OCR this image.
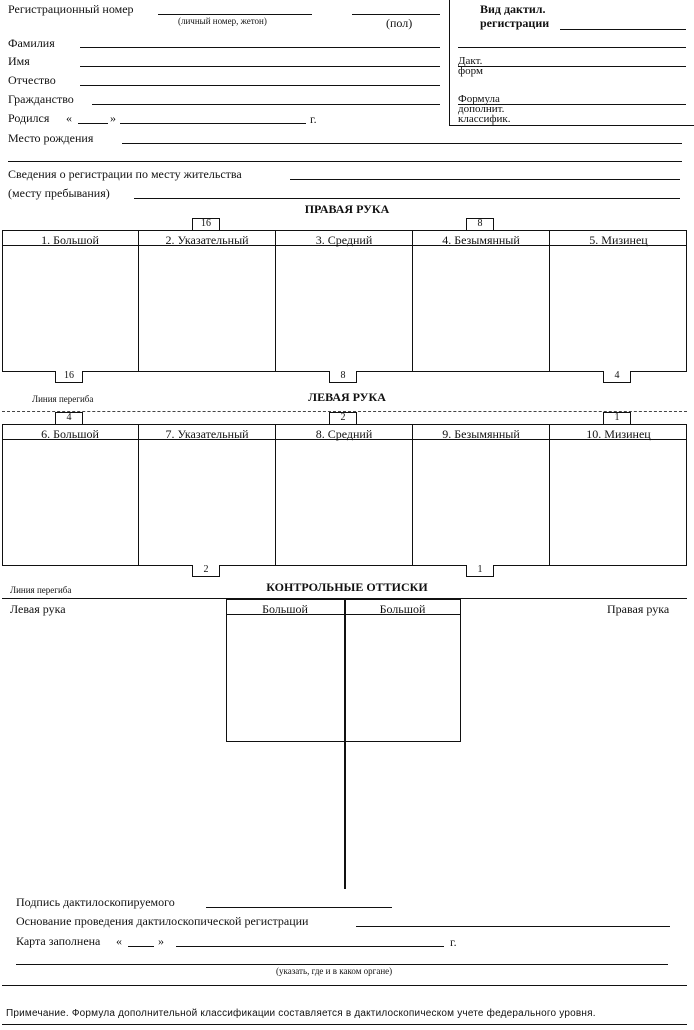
Регистрационный номер
(личный номер, жетон)	(пол)
Вид дактил.
регистрации
Дакт.
форм
Формула
дополнит.
классифик.
Фамилия
Имя
Отчество
Гражданство
Родился «	»	г.
Место рождения
Сведения о регистрации по месту жительства
(месту пребывания)
ПРАВАЯ РУКА
1. Большой	2. Указательный	3. Средний	4. Безымянный	5. Мизинец
16	8
16	8	4
Линия перегиба	ЛЕВАЯ РУКА
6. Большой	7. Указательный	8. Средний	9. Безымянный	10. Мизинец
4	2	1
2	1
Линия перегиба	КОНТРОЛЬНЫЕ ОТТИСКИ
Левая рука	Правая рука
Большой	Большой
Подпись дактилоскопируемого
Основание проведения дактилоскопической регистрации
Карта заполнена «	»	г.
(указать, где и в каком органе)
Примечание. Формула дополнительной классификации составляется в дактилоскопическом учете федерального уровня.
